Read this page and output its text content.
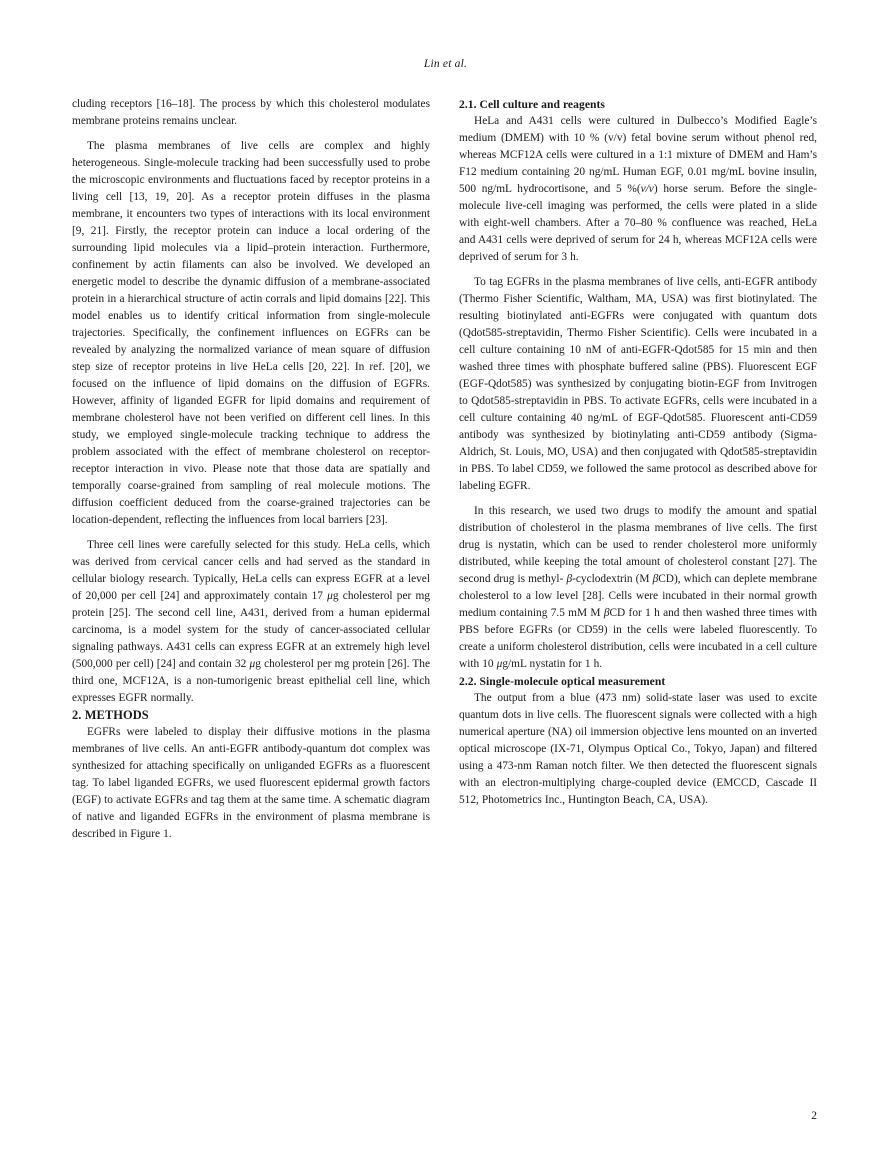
Lin et al.

cluding receptors [16–18]. The process by which this cholesterol modulates membrane proteins remains unclear.

The plasma membranes of live cells are complex and highly heterogeneous. Single-molecule tracking had been successfully used to probe the microscopic environments and fluctuations faced by receptor proteins in a living cell [13, 19, 20]. As a receptor protein diffuses in the plasma membrane, it encounters two types of interactions with its local environment [9, 21]. Firstly, the receptor protein can induce a local ordering of the surrounding lipid molecules via a lipid–protein interaction. Furthermore, confinement by actin filaments can also be involved. We developed an energetic model to describe the dynamic diffusion of a membrane-associated protein in a hierarchical structure of actin corrals and lipid domains [22]. This model enables us to identify critical information from single-molecule trajectories. Specifically, the confinement influences on EGFRs can be revealed by analyzing the normalized variance of mean square of diffusion step size of receptor proteins in live HeLa cells [20, 22]. In ref. [20], we focused on the influence of lipid domains on the diffusion of EGFRs. However, affinity of liganded EGFR for lipid domains and requirement of membrane cholesterol have not been verified on different cell lines. In this study, we employed single-molecule tracking technique to address the problem associated with the effect of membrane cholesterol on receptor-receptor interaction in vivo. Please note that those data are spatially and temporally coarse-grained from sampling of real molecule motions. The diffusion coefficient deduced from the coarse-grained trajectories can be location-dependent, reflecting the influences from local barriers [23].

Three cell lines were carefully selected for this study. HeLa cells, which was derived from cervical cancer cells and had served as the standard in cellular biology research. Typically, HeLa cells can express EGFR at a level of 20,000 per cell [24] and approximately contain 17 μg cholesterol per mg protein [25]. The second cell line, A431, derived from a human epidermal carcinoma, is a model system for the study of cancer-associated cellular signaling pathways. A431 cells can express EGFR at an extremely high level (500,000 per cell) [24] and contain 32 μg cholesterol per mg protein [26]. The third one, MCF12A, is a non-tumorigenic breast epithelial cell line, which expresses EGFR normally.

2. METHODS

EGFRs were labeled to display their diffusive motions in the plasma membranes of live cells. An anti-EGFR antibody-quantum dot complex was synthesized for attaching specifically on unliganded EGFRs as a fluorescent tag. To label liganded EGFRs, we used fluorescent epidermal growth factors (EGF) to activate EGFRs and tag them at the same time. A schematic diagram of native and liganded EGFRs in the environment of plasma membrane is described in Figure 1.

2.1. Cell culture and reagents

HeLa and A431 cells were cultured in Dulbecco’s Modified Eagle’s medium (DMEM) with 10 % (v/v) fetal bovine serum without phenol red, whereas MCF12A cells were cultured in a 1:1 mixture of DMEM and Ham’s F12 medium containing 20 ng/mL Human EGF, 0.01 mg/mL bovine insulin, 500 ng/mL hydrocortisone, and 5 %(v/v) horse serum. Before the single-molecule live-cell imaging was performed, the cells were plated in a slide with eight-well chambers. After a 70–80 % confluence was reached, HeLa and A431 cells were deprived of serum for 24 h, whereas MCF12A cells were deprived of serum for 3 h.

To tag EGFRs in the plasma membranes of live cells, anti-EGFR antibody (Thermo Fisher Scientific, Waltham, MA, USA) was first biotinylated. The resulting biotinylated anti-EGFRs were conjugated with quantum dots (Qdot585-streptavidin, Thermo Fisher Scientific). Cells were incubated in a cell culture containing 10 nM of anti-EGFR-Qdot585 for 15 min and then washed three times with phosphate buffered saline (PBS). Fluorescent EGF (EGF-Qdot585) was synthesized by conjugating biotin-EGF from Invitrogen to Qdot585-streptavidin in PBS. To activate EGFRs, cells were incubated in a cell culture containing 40 ng/mL of EGF-Qdot585. Fluorescent anti-CD59 antibody was synthesized by biotinylating anti-CD59 antibody (Sigma-Aldrich, St. Louis, MO, USA) and then conjugated with Qdot585-streptavidin in PBS. To label CD59, we followed the same protocol as described above for labeling EGFR.

In this research, we used two drugs to modify the amount and spatial distribution of cholesterol in the plasma membranes of live cells. The first drug is nystatin, which can be used to render cholesterol more uniformly distributed, while keeping the total amount of cholesterol constant [27]. The second drug is methyl- β-cyclodextrin (M βCD), which can deplete membrane cholesterol to a low level [28]. Cells were incubated in their normal growth medium containing 7.5 mM M βCD for 1 h and then washed three times with PBS before EGFRs (or CD59) in the cells were labeled fluorescently. To create a uniform cholesterol distribution, cells were incubated in a cell culture with 10 μg/mL nystatin for 1 h.

2.2. Single-molecule optical measurement

The output from a blue (473 nm) solid-state laser was used to excite quantum dots in live cells. The fluorescent signals were collected with a high numerical aperture (NA) oil immersion objective lens mounted on an inverted optical microscope (IX-71, Olympus Optical Co., Tokyo, Japan) and filtered using a 473-nm Raman notch filter. We then detected the fluorescent signals with an electron-multiplying charge-coupled device (EMCCD, Cascade II 512, Photometrics Inc., Huntington Beach, CA, USA).

2
